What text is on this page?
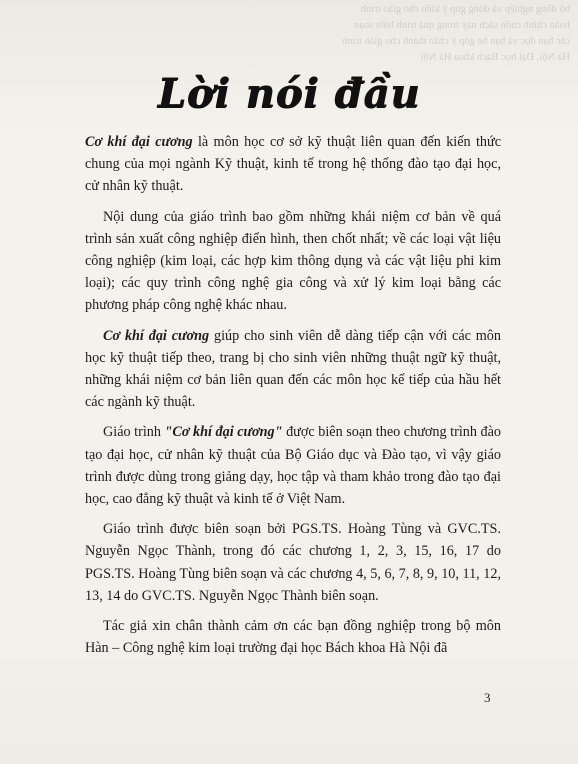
bộ đồng nghiệp và đóng góp ý kiến cho giáo trình
hoàn chỉnh cuốn sách này trong quá trình biên soạn
các bạn đọc và bạn bè góp ý chân thành cho giáo trình
Hà Nội, Đại học Bách khoa Hà Nội
Lời nói đầu

Cơ khí đại cương là môn học cơ sở kỹ thuật liên quan đến kiến thức chung của mọi ngành Kỹ thuật, kinh tế trong hệ thống đào tạo đại học, cử nhân kỹ thuật.

Nội dung của giáo trình bao gồm những khái niệm cơ bản về quá trình sản xuất công nghiệp điển hình, then chốt nhất; về các loại vật liệu công nghiệp (kim loại, các hợp kim thông dụng và các vật liệu phi kim loại); các quy trình công nghệ gia công và xử lý kim loại bằng các phương pháp công nghệ khác nhau.

Cơ khí đại cương giúp cho sinh viên dễ dàng tiếp cận với các môn học kỹ thuật tiếp theo, trang bị cho sinh viên những thuật ngữ kỹ thuật, những khái niệm cơ bản liên quan đến các môn học kế tiếp của hầu hết các ngành kỹ thuật.

Giáo trình "Cơ khí đại cương" được biên soạn theo chương trình đào tạo đại học, cử nhân kỹ thuật của Bộ Giáo dục và Đào tạo, vì vậy giáo trình được dùng trong giảng dạy, học tập và tham khảo trong đào tạo đại học, cao đẳng kỹ thuật và kinh tế ở Việt Nam.

Giáo trình được biên soạn bởi PGS.TS. Hoàng Tùng và GVC.TS. Nguyễn Ngọc Thành, trong đó các chương 1, 2, 3, 15, 16, 17 do PGS.TS. Hoàng Tùng biên soạn và các chương 4, 5, 6, 7, 8, 9, 10, 11, 12, 13, 14 do GVC.TS. Nguyễn Ngọc Thành biên soạn.

Tác giả xin chân thành cảm ơn các bạn đồng nghiệp trong bộ môn Hàn – Công nghệ kim loại trường đại học Bách khoa Hà Nội đã

3
